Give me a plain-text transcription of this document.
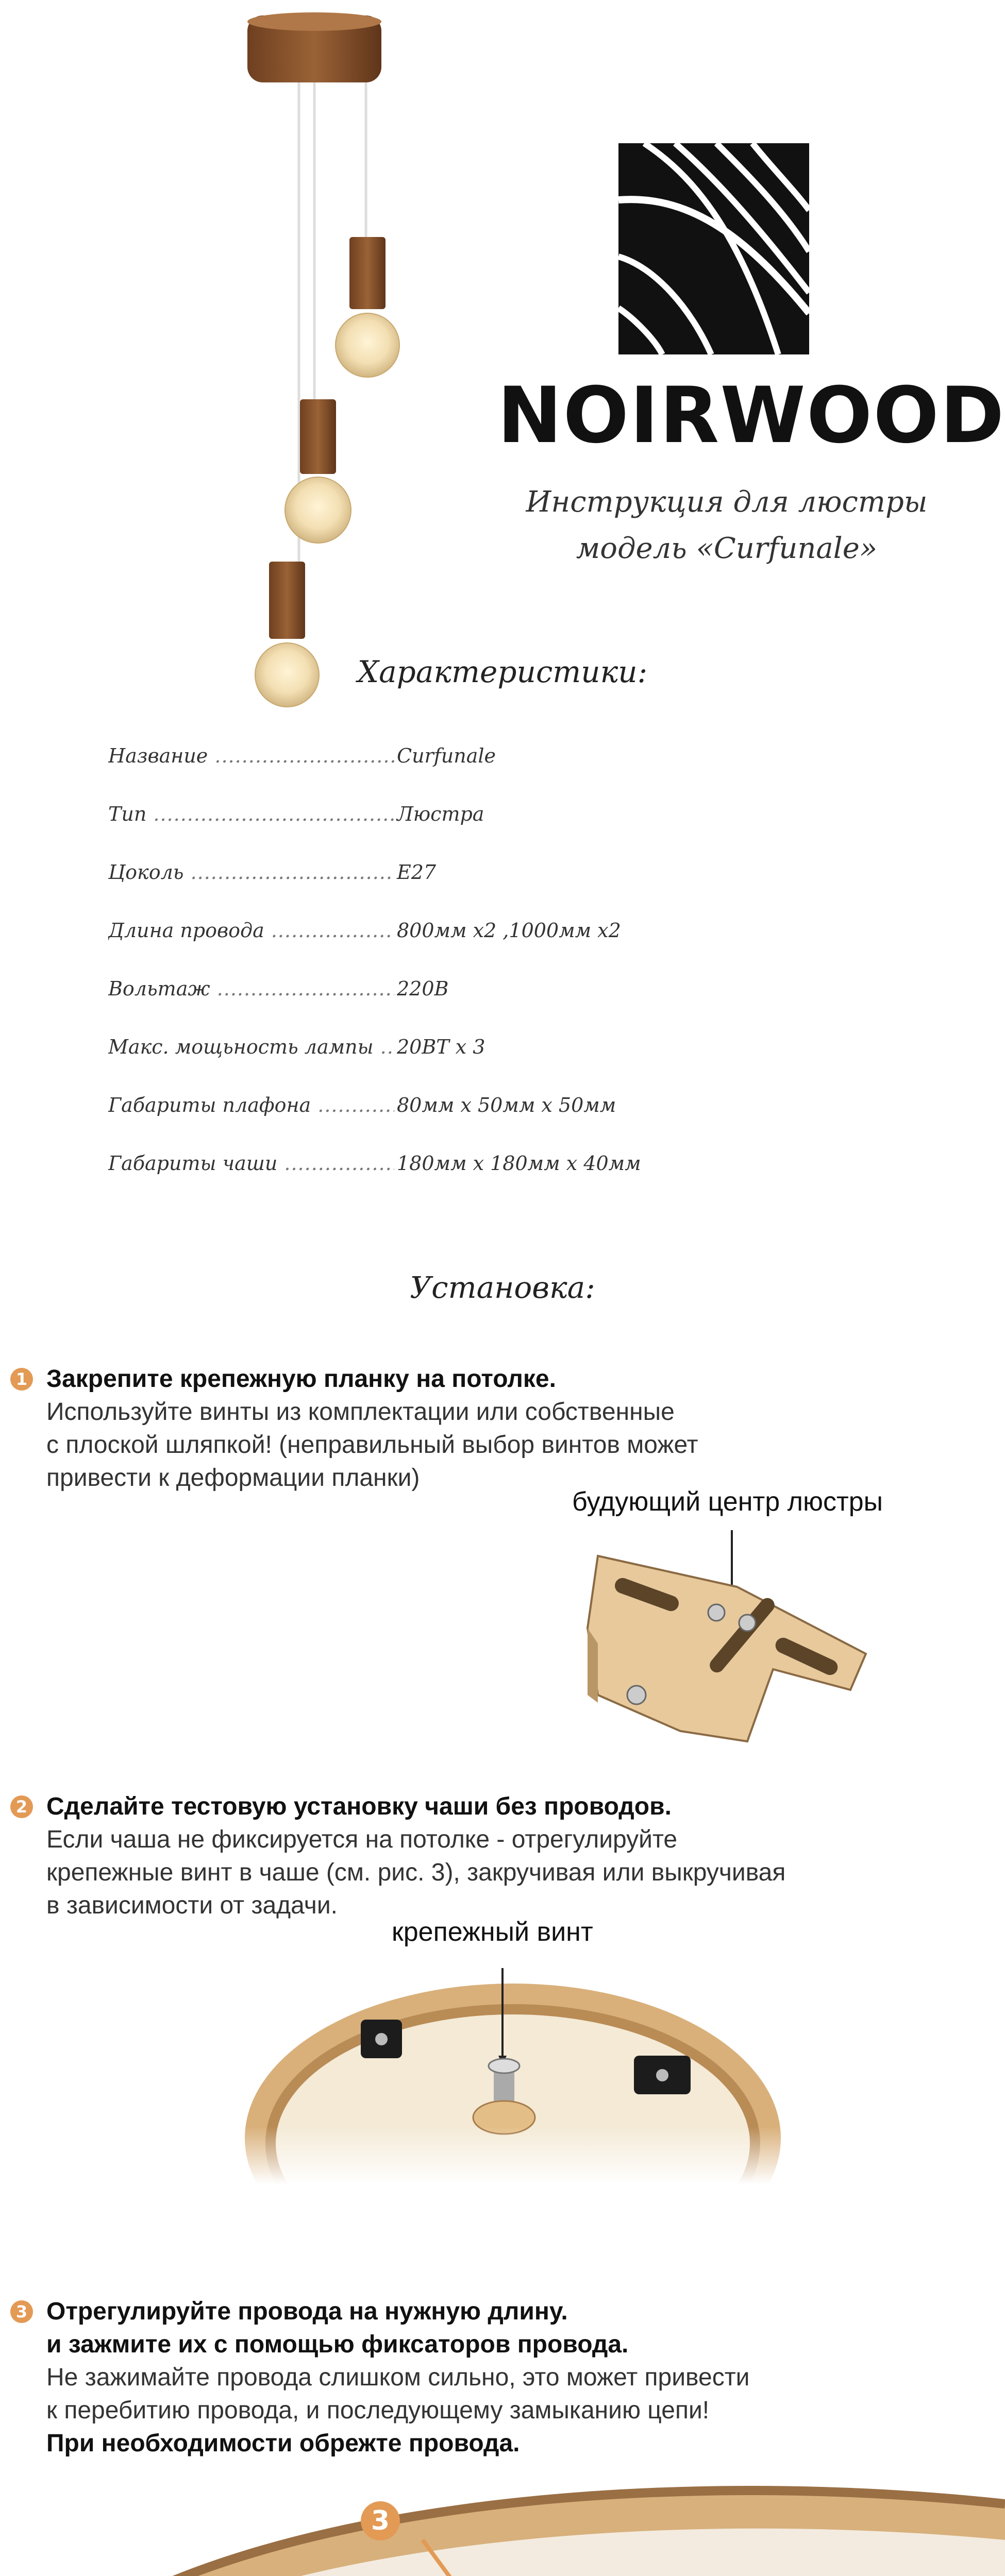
NOIRWOOD
Инструкция для люстры
модель «Curfunale»
Характеристики:
Название .....	Curfunale
Тип .....	Люстра
Цоколь .....	E27
Длина провода .....	800мм x2 ,1000мм x2
Вольтаж .....	220В
Макс. мощьность лампы .....	20ВТ x 3
Габариты плафона .....	80мм x 50мм x 50мм
Габариты чаши .....	180мм x 180мм x 40мм
Установка:
1 Закрепите крепежную планку на потолке.
Используйте винты из комплектации или собственные
с плоской шляпкой! (неправильный выбор винтов может
привести к деформации планки)
будующий центр люстры
2 Сделайте тестовую установку чаши без проводов.
Если чаша не фиксируется на потолке - отрегулируйте
крепежные винт в чаше (см. рис. 3), закручивая или выкручивая
в зависимости от задачи.
крепежный винт
3 Отрегулируйте провода на нужную длину.
и зажмите их с помощью фиксаторов провода.
Не зажимайте провода слишком сильно, это может привести
к перебитию провода, и последующему замыканию цепи!
При необходимости обрежте провода.
3
